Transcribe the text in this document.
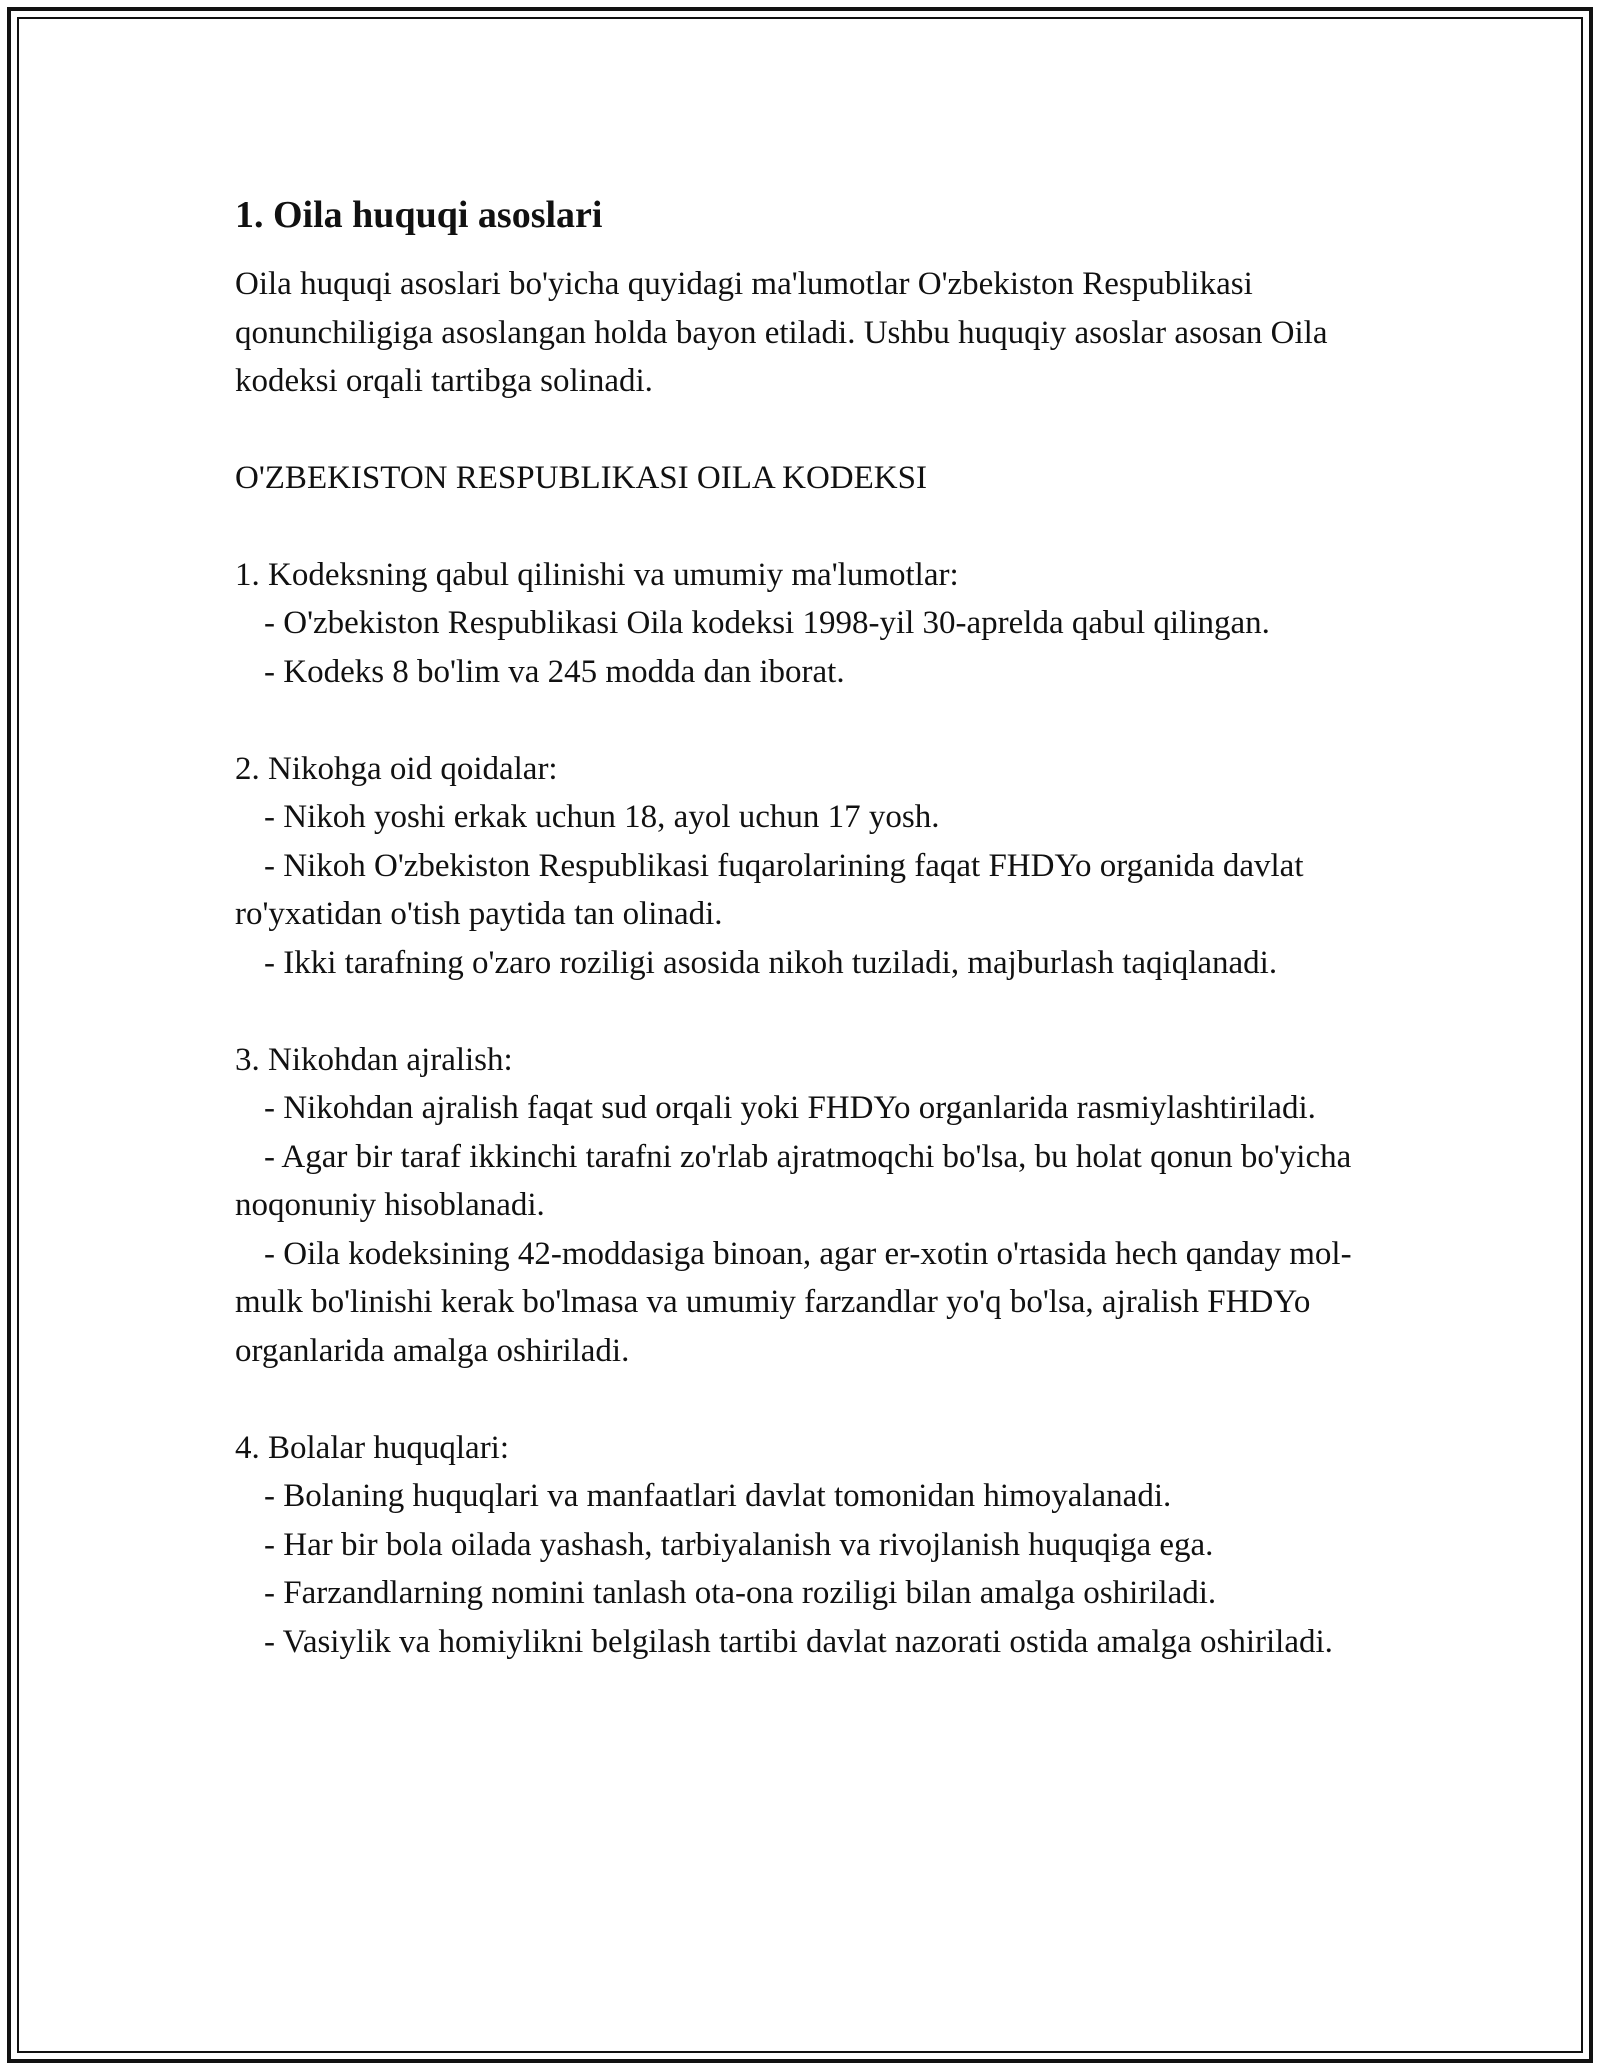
1. Oila huquqi asoslari

Oila huquqi asoslari bo'yicha quyidagi ma'lumotlar O'zbekiston Respublikasi qonunchiligiga asoslangan holda bayon etiladi. Ushbu huquqiy asoslar asosan Oila kodeksi orqali tartibga solinadi.

O'ZBEKISTON RESPUBLIKASI OILA KODEKSI

1. Kodeksning qabul qilinishi va umumiy ma'lumotlar:
- O'zbekiston Respublikasi Oila kodeksi 1998-yil 30-aprelda qabul qilingan.
- Kodeks 8 bo'lim va 245 modda dan iborat.
2. Nikohga oid qoidalar:
- Nikoh yoshi erkak uchun 18, ayol uchun 17 yosh.
- Nikoh O'zbekiston Respublikasi fuqarolarining faqat FHDYo organida davlat ro'yxatidan o'tish paytida tan olinadi.
- Ikki tarafning o'zaro roziligi asosida nikoh tuziladi, majburlash taqiqlanadi.
3. Nikohdan ajralish:
- Nikohdan ajralish faqat sud orqali yoki FHDYo organlarida rasmiylashtiriladi.
- Agar bir taraf ikkinchi tarafni zo'rlab ajratmoqchi bo'lsa, bu holat qonun bo'yicha noqonuniy hisoblanadi.
- Oila kodeksining 42-moddasiga binoan, agar er-xotin o'rtasida hech qanday mol-mulk bo'linishi kerak bo'lmasa va umumiy farzandlar yo'q bo'lsa, ajralish FHDYo organlarida amalga oshiriladi.
4. Bolalar huquqlari:
- Bolaning huquqlari va manfaatlari davlat tomonidan himoyalanadi.
- Har bir bola oilada yashash, tarbiyalanish va rivojlanish huquqiga ega.
- Farzandlarning nomini tanlash ota-ona roziligi bilan amalga oshiriladi.
- Vasiylik va homiylikni belgilash tartibi davlat nazorati ostida amalga oshiriladi.
